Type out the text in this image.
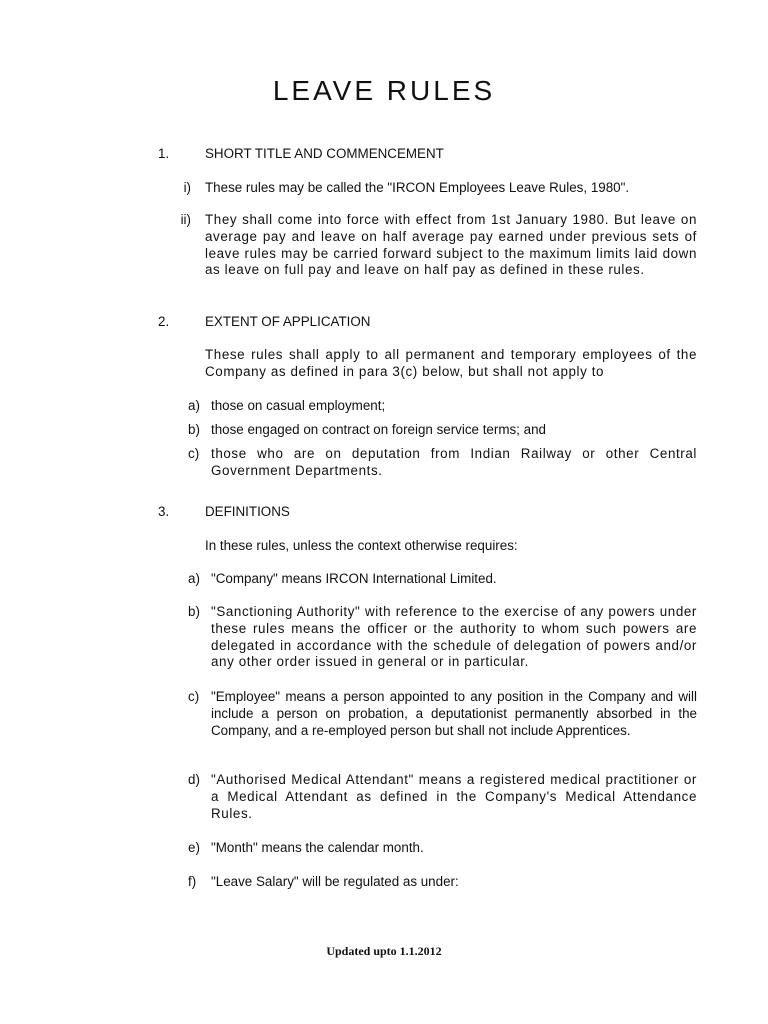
LEAVE RULES
1.	SHORT TITLE AND COMMENCEMENT
i) These rules may be called the "IRCON Employees Leave Rules, 1980".
ii) They shall come into force with effect from 1st January 1980. But leave on average pay and leave on half average pay earned under previous sets of leave rules may be carried forward subject to the maximum limits laid down as leave on full pay and leave on half pay as defined in these rules.
2.	EXTENT OF APPLICATION
These rules shall apply to all permanent and temporary employees of the Company as defined in para 3(c) below, but shall not apply to
a) those on casual employment;
b) those engaged on contract on foreign service terms; and
c) those who are on deputation from Indian Railway or other Central Government Departments.
3.	DEFINITIONS
In these rules, unless the context otherwise requires:
a) "Company" means IRCON International Limited.
b) "Sanctioning Authority" with reference to the exercise of any powers under these rules means the officer or the authority to whom such powers are delegated in accordance with the schedule of delegation of powers and/or any other order issued in general or in particular.
c) "Employee" means a person appointed to any position in the Company and will include a person on probation, a deputationist permanently absorbed in the Company, and a re-employed person but shall not include Apprentices.
d) "Authorised Medical Attendant" means a registered medical practitioner or a Medical Attendant as defined in the Company's Medical Attendance Rules.
e) "Month" means the calendar month.
f) "Leave Salary" will be regulated as under:
Updated upto 1.1.2012
